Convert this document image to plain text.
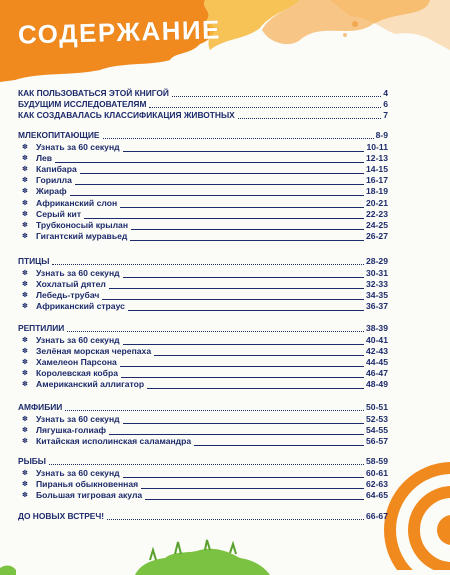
СОДЕРЖАНИЕ
КАК ПОЛЬЗОВАТЬСЯ ЭТОЙ КНИГОЙ	4
БУДУЩИМ ИССЛЕДОВАТЕЛЯМ	6
КАК СОЗДАВАЛАСЬ КЛАССИФИКАЦИЯ ЖИВОТНЫХ	7
МЛЕКОПИТАЮЩИЕ	8-9
✽ Узнать за 60 секунд	10-11
✽ Лев	12-13
✽ Капибара	14-15
✽ Горилла	16-17
✽ Жираф	18-19
✽ Африканский слон	20-21
✽ Серый кит	22-23
✽ Трубконосый крылан	24-25
✽ Гигантский муравьед	26-27
ПТИЦЫ	28-29
✽ Узнать за 60 секунд	30-31
✽ Хохлатый дятел	32-33
✽ Лебедь-трубач	34-35
✽ Африканский страус	36-37
РЕПТИЛИИ	38-39
✽ Узнать за 60 секунд	40-41
✽ Зелёная морская черепаха	42-43
✽ Хамелеон Парсона	44-45
✽ Королевская кобра	46-47
✽ Американский аллигатор	48-49
АМФИБИИ	50-51
✽ Узнать за 60 секунд	52-53
✽ Лягушка-голиаф	54-55
✽ Китайская исполинская саламандра	56-57
РЫБЫ	58-59
✽ Узнать за 60 секунд	60-61
✽ Пиранья обыкновенная	62-63
✽ Большая тигровая акула	64-65
ДО НОВЫХ ВСТРЕЧ!	66-67
